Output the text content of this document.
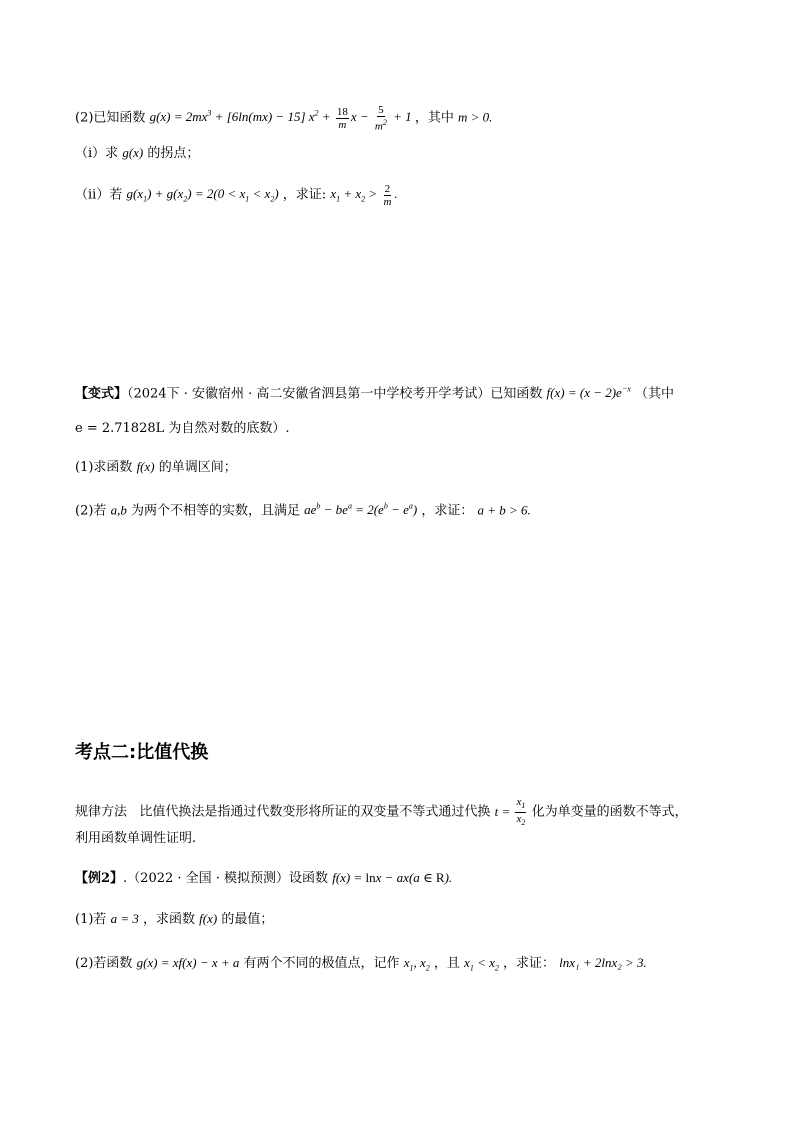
(2)已知函数 $g(x) = 2mx^3 + [6\ln(mx) - 15] x^2 + \frac{18}{m}$ $x - \frac{5}{m^2} + 1$ ，其中 m > 0.
（i）求 g(x) 的拐点；
（ii）若 $g(x_1) + g(x_2) = 2(0 < x_1 < x_2)$ ，求证: $x_1 + x_2 > \frac{2}{m}$ .
【变式】（2024下 · 安徽宿州 · 高二安徽省泗县第一中学校考开学考试）已知函数 $f(x) = (x - 2)e^{-x}$ （其中
e = 2.71828L 为自然对数的底数）.
(1)求函数 f(x) 的单调区间；
(2)若 a,b 为两个不相等的实数，且满足 $ae^b - be^a = 2(e^b - e^a)$ ，求证： a + b > 6.
考点二:比值代换
规律方法 比值代换法是指通过代数变形将所证的双变量不等式通过代换 $t = \frac{x_1}{x_2}$ 化为单变量的函数不等式，
利用函数单调性证明.
【例2】.（2022 · 全国 · 模拟预测）设函数 f(x) = lnx − ax(a ∈ R).
(1)若 a = 3 ，求函数 f(x) 的最值；
(2)若函数 g(x) = xf(x) − x + a 有两个不同的极值点，记作 $x_1$, $x_2$ ，且 $x_1 < x_2$ ，求证： lnx₁ + 2lnx₂ > 3.
